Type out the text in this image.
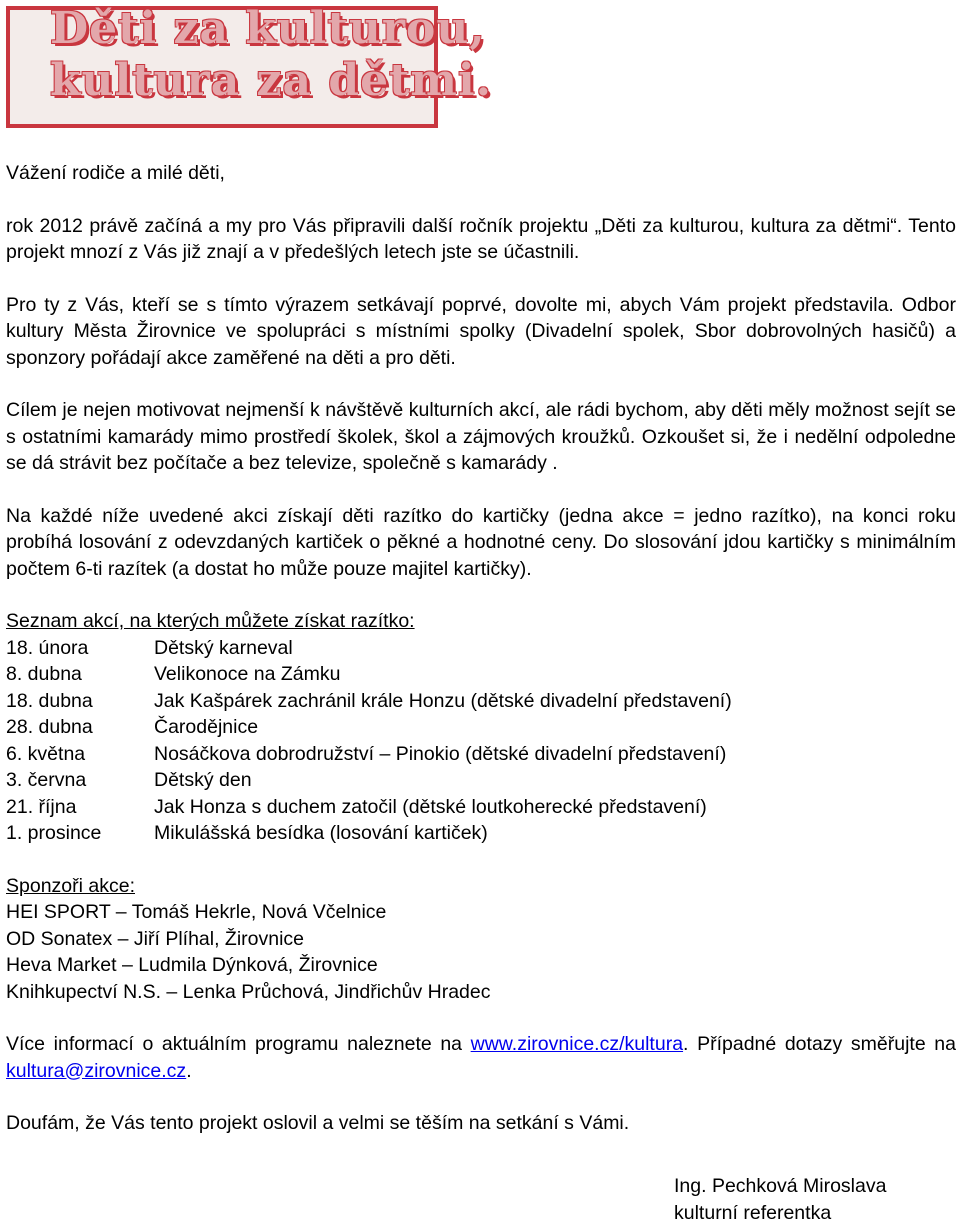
Děti za kulturou,
kultura za dětmi.

Vážení rodiče a milé děti,

rok 2012 právě začíná a my pro Vás připravili další ročník projektu „Děti za kulturou, kultura za dětmi“. Tento projekt mnozí z Vás již znají a v předešlých letech jste se účastnili.

Pro ty z Vás, kteří se s tímto výrazem setkávají poprvé, dovolte mi, abych Vám projekt představila. Odbor kultury Města Žirovnice ve spolupráci s místními spolky (Divadelní spolek, Sbor dobrovolných hasičů) a sponzory pořádají akce zaměřené na děti a pro děti.

Cílem je nejen motivovat nejmenší k návštěvě kulturních akcí, ale rádi bychom, aby děti měly možnost sejít se s ostatními kamarády mimo prostředí školek, škol a zájmových kroužků. Ozkoušet si, že i nedělní odpoledne se dá strávit bez počítače a bez televize, společně s kamarády .

Na každé níže uvedené akci získají děti razítko do kartičky (jedna akce = jedno razítko), na konci roku probíhá losování z odevzdaných kartiček o pěkné a hodnotné ceny. Do slosování jdou kartičky s minimálním počtem 6-ti razítek (a dostat ho může pouze majitel kartičky).

Seznam akcí, na kterých můžete získat razítko:

18. února	Dětský karneval
8. dubna	Velikonoce na Zámku
18. dubna	Jak Kašpárek zachránil krále Honzu (dětské divadelní představení)
28. dubna	Čarodějnice
6. května	Nosáčkova dobrodružství – Pinokio (dětské divadelní představení)
3. června	Dětský den
21. října	Jak Honza s duchem zatočil (dětské loutkoherecké představení)
1. prosince	Mikulášská besídka (losování kartiček)

Sponzoři akce:

HEI SPORT – Tomáš Hekrle, Nová Včelnice

OD Sonatex – Jiří Plíhal, Žirovnice

Heva Market – Ludmila Dýnková, Žirovnice

Knihkupectví N.S. – Lenka Průchová, Jindřichův Hradec

Více informací o aktuálním programu naleznete na www.zirovnice.cz/kultura. Případné dotazy směřujte na kultura@zirovnice.cz.

Doufám, že Vás tento projekt oslovil a velmi se těším na setkání s Vámi.

Ing. Pechková Miroslava

kulturní referentka
